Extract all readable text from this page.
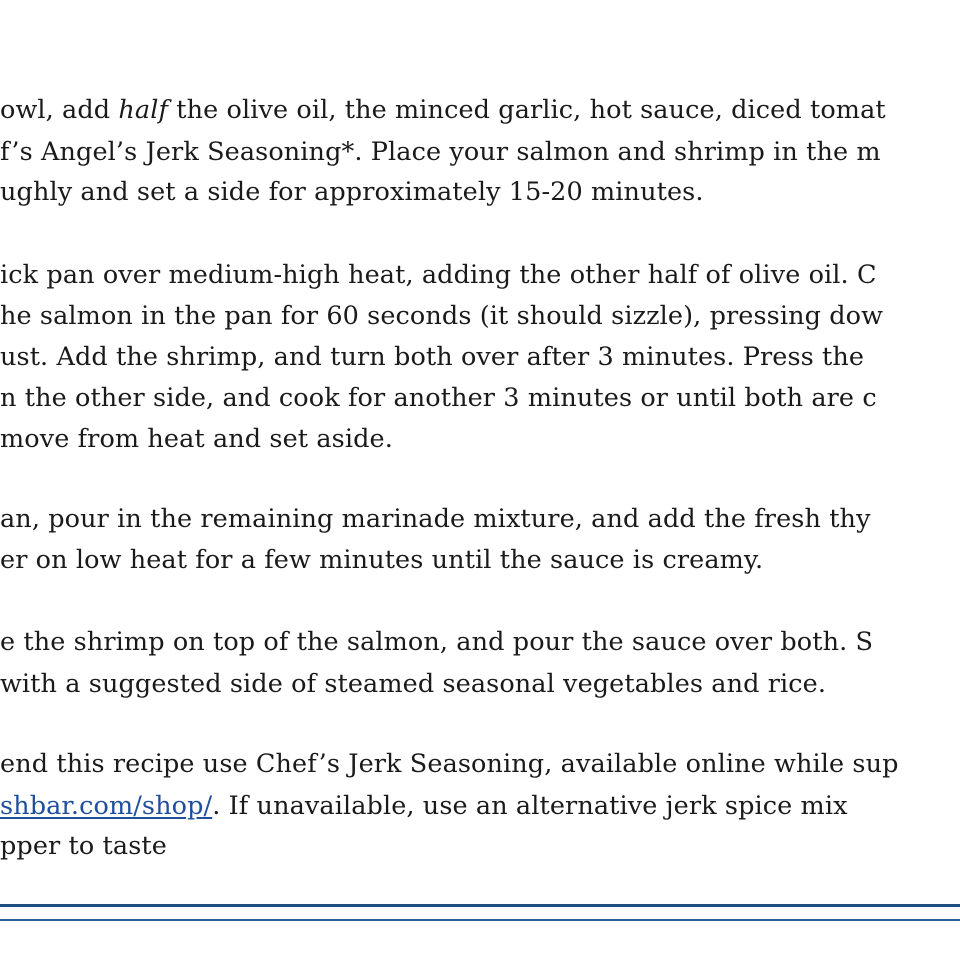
owl, add half the olive oil, the minced garlic, hot sauce, diced tomat
f’s Angel’s Jerk Seasoning*. Place your salmon and shrimp in the m
ughly and set a side for approximately 15-20 minutes.
ick pan over medium-high heat, adding the other half of olive oil. C
he salmon in the pan for 60 seconds (it should sizzle), pressing dow
ust. Add the shrimp, and turn both over after 3 minutes. Press the
n the other side, and cook for another 3 minutes or until both are c
move from heat and set aside.
an, pour in the remaining marinade mixture, and add the fresh thy
er on low heat for a few minutes until the sauce is creamy.
e the shrimp on top of the salmon, and pour the sauce over both. S
with a suggested side of steamed seasonal vegetables and rice.
end this recipe use Chef’s Jerk Seasoning, available online while sup
shbar.com/shop/. If unavailable, use an alternative jerk spice mix
pper to taste
